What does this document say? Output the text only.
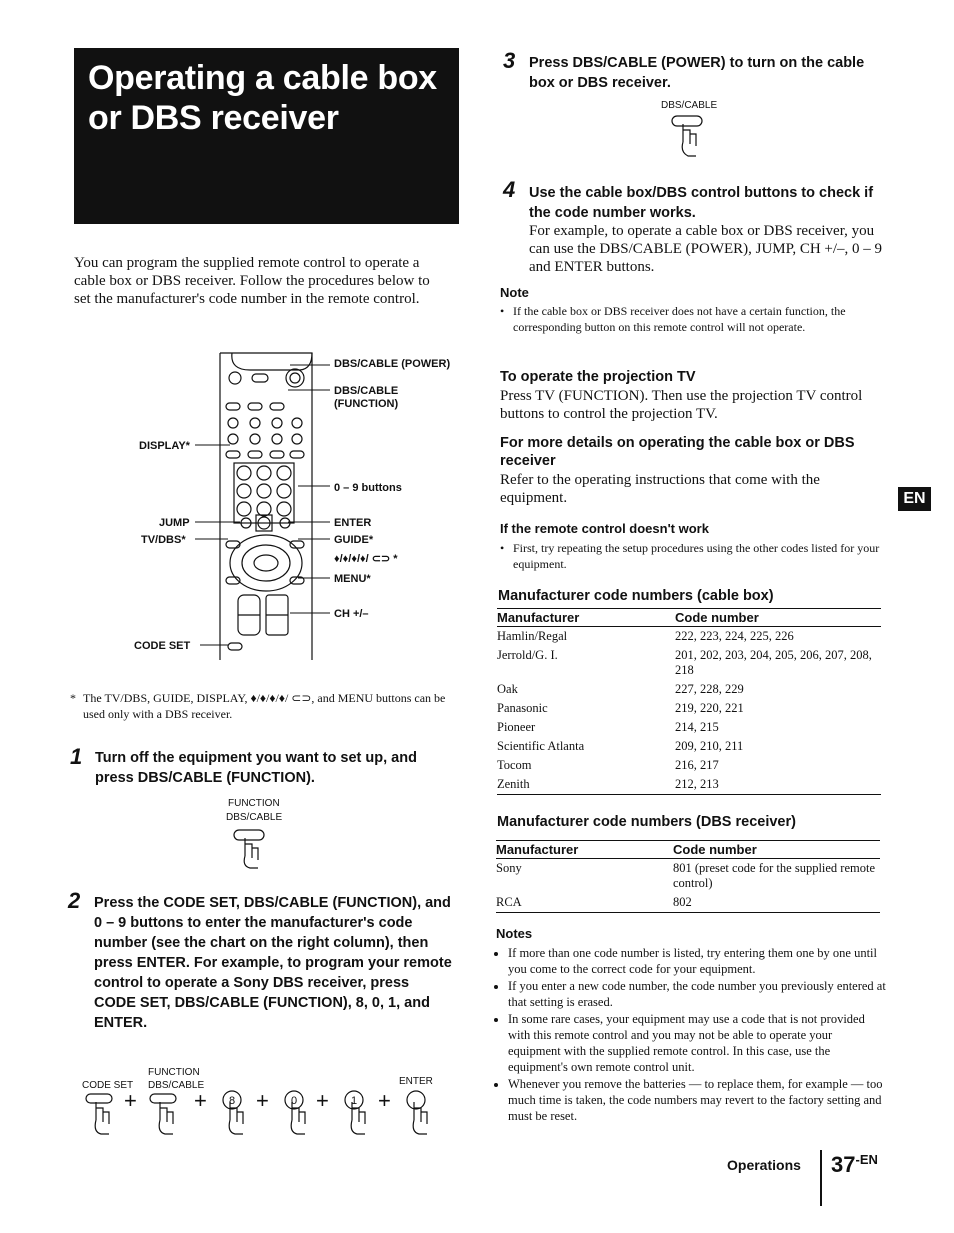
Operating a cable box or DBS receiver
You can program the supplied remote control to operate a cable box or DBS receiver. Follow the procedures below to set the manufacturer's code number in the remote control.
DBS/CABLE (POWER)
DBS/CABLE (FUNCTION)
DISPLAY*
0 – 9 buttons
JUMP
TV/DBS*
ENTER
GUIDE*
♦/♦/♦/♦/ ⊂⊃ *
MENU*
CH +/–
CODE SET
* The TV/DBS, GUIDE, DISPLAY, ♦/♦/♦/♦/ ⊂⊃, and MENU buttons can be used only with a DBS receiver.
1 Turn off the equipment you want to set up, and press DBS/CABLE (FUNCTION).
FUNCTION
DBS/CABLE
2 Press the CODE SET, DBS/CABLE (FUNCTION), and 0 – 9 buttons to enter the manufacturer's code number (see the chart on the right column), then press ENTER. For example, to program your remote control to operate a Sony DBS receiver, press CODE SET, DBS/CABLE (FUNCTION), 8, 0, 1, and ENTER.
FUNCTION
CODE SET DBS/CABLE	ENTER
+	+ + + +
8	0	1
3 Press DBS/CABLE (POWER) to turn on the cable box or DBS receiver.
DBS/CABLE
4 Use the cable box/DBS control buttons to check if the code number works.
For example, to operate a cable box or DBS receiver, you can use the DBS/CABLE (POWER), JUMP, CH +/–, 0 – 9 and ENTER buttons.
Note
• If the cable box or DBS receiver does not have a certain function, the corresponding button on this remote control will not operate.
To operate the projection TV
Press TV (FUNCTION). Then use the projection TV control buttons to control the projection TV.
For more details on operating the cable box or DBS receiver
Refer to the operating instructions that come with the equipment.	EN
If the remote control doesn't work
• First, try repeating the setup procedures using the other codes listed for your equipment.
Manufacturer code numbers (cable box)
Manufacturer	Code number
Hamlin/Regal	222, 223, 224, 225, 226
Jerrold/G. I.	201, 202, 203, 204, 205, 206, 207, 208, 218
Oak	227, 228, 229
Panasonic	219, 220, 221
Pioneer	214, 215
Scientific Atlanta	209, 210, 211
Tocom	216, 217
Zenith	212, 213
Manufacturer code numbers (DBS receiver)
Manufacturer	Code number
Sony	801 (preset code for the supplied remote control)
RCA	802
Notes
• If more than one code number is listed, try entering them one by one until you come to the correct code for your equipment.
• If you enter a new code number, the code number you previously entered at that setting is erased.
• In some rare cases, your equipment may use a code that is not provided with this remote control and you may not be able to operate your equipment with the supplied remote control. In this case, use the equipment's own remote control unit.
• Whenever you remove the batteries — to replace them, for example — too much time is taken, the code numbers may revert to the factory setting and must be reset.
Operations $37^{-EN}$
